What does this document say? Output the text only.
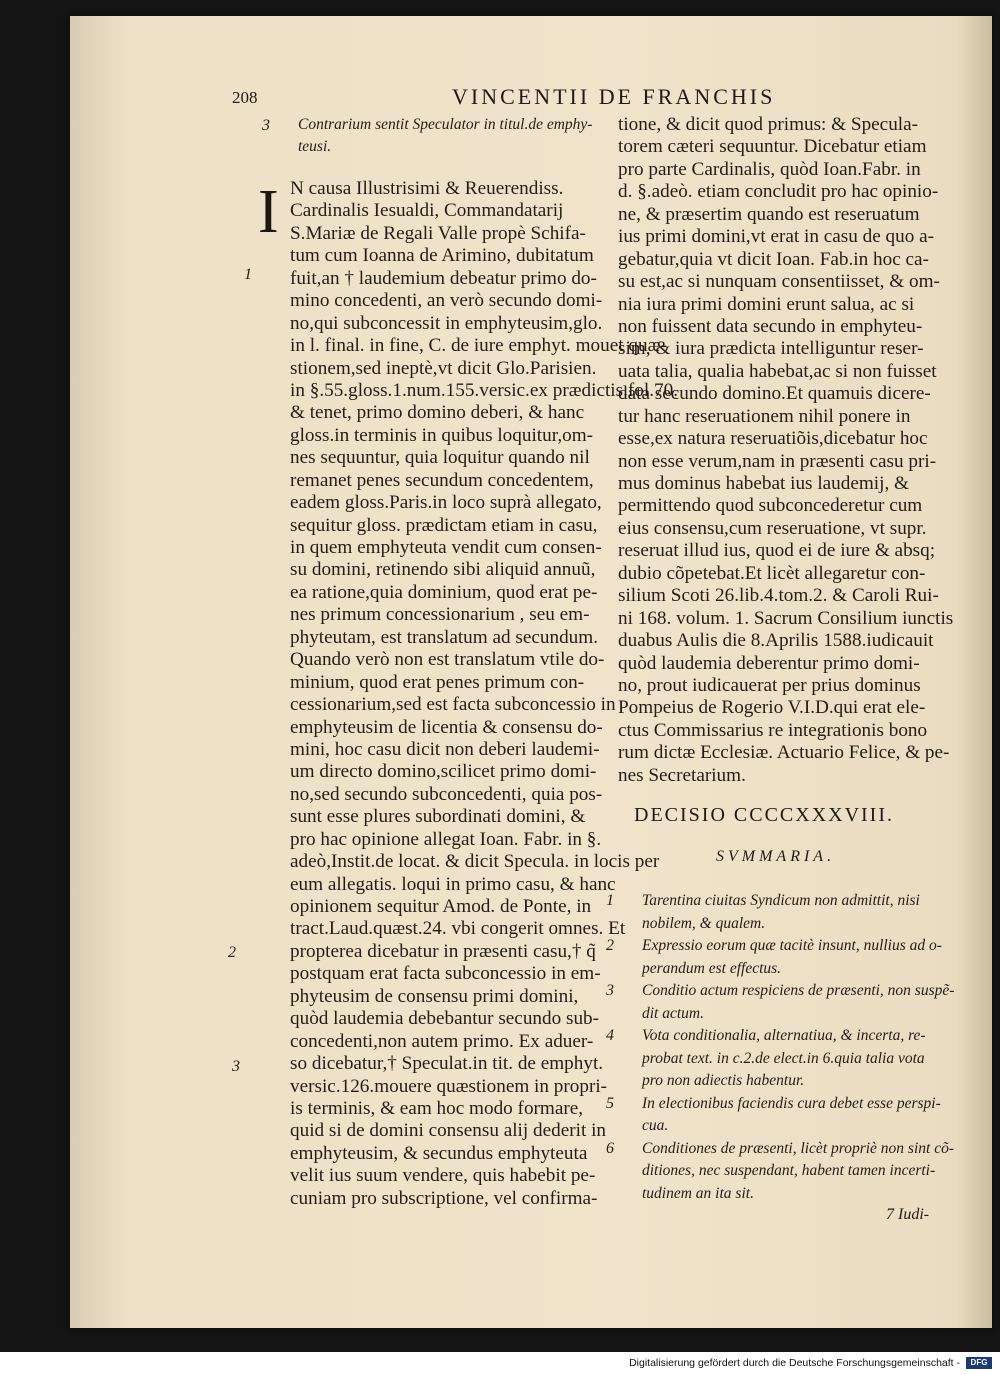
208	VINCENTII DE FRANCHIS
3 Contrarium sentit Speculator in titul.de emphy-
teusi.
I N causa Illustrisimi & Reuerendiss.
Cardinalis Iesualdi, Commandatarij
S.Mariæ de Regali Valle propè Schifa-
tum cum Ioanna de Arimino, dubitatum
fuit,an † laudemium debeatur primo do-
mino concedenti, an verò secundo domi-
no,qui subconcessit in emphyteusim,glo.
in l. final. in fine, C. de iure emphyt. mouet quæ-
stionem,sed ineptè,vt dicit Glo.Parisien.
in §.55.gloss.1.num.155.versic.ex prædictis.fol.70.
& tenet, primo domino deberi, & hanc
gloss.in terminis in quibus loquitur,om-
nes sequuntur, quia loquitur quando nil
remanet penes secundum concedentem,
eadem gloss.Paris.in loco suprà allegato,
sequitur gloss. prædictam etiam in casu,
in quem emphyteuta vendit cum consen-
su domini, retinendo sibi aliquid annuũ,
ea ratione,quia dominium, quod erat pe-
nes primum concessionarium , seu em-
phyteutam, est translatum ad secundum.
Quando verò non est translatum vtile do-
minium, quod erat penes primum con-
cessionarium,sed est facta subconcessio in
emphyteusim de licentia & consensu do-
mini, hoc casu dicit non deberi laudemi-
um directo domino,scilicet primo domi-
no,sed secundo subconcedenti, quia pos-
sunt esse plures subordinati domini, &
pro hac opinione allegat Ioan. Fabr. in §.
adeò,Instit.de locat. & dicit Specula. in locis per
eum allegatis. loqui in primo casu, & hanc
opinionem sequitur Amod. de Ponte, in
tract.Laud.quæst.24. vbi congerit omnes. Et
propterea dicebatur in præsenti casu,† q̃
postquam erat facta subconcessio in em-
phyteusim de consensu primi domini,
quòd laudemia debebantur secundo sub-
concedenti,non autem primo. Ex aduer-
so dicebatur,† Speculat.in tit. de emphyt.
versic.126.mouere quæstionem in propri-
is terminis, & eam hoc modo formare,
quid si de domini consensu alij dederit in
emphyteusim, & secundus emphyteuta
velit ius suum vendere, quis habebit pe-
cuniam pro subscriptione, vel confirma-
1
2
3
tione, & dicit quod primus: & Specula-
torem cæteri sequuntur. Dicebatur etiam
pro parte Cardinalis, quòd Ioan.Fabr. in
d. §.adeò. etiam concludit pro hac opinio-
ne, & præsertim quando est reseruatum
ius primi domini,vt erat in casu de quo a-
gebatur,quia vt dicit Ioan. Fab.in hoc ca-
su est,ac si nunquam consentiisset, & om-
nia iura primi domini erunt salua, ac si
non fuissent data secundo in emphyteu-
sim, & iura prædicta intelliguntur reser-
uata talia, qualia habebat,ac si non fuisset
data secundo domino.Et quamuis dicere-
tur hanc reseruationem nihil ponere in
esse,ex natura reseruatiõis,dicebatur hoc
non esse verum,nam in præsenti casu pri-
mus dominus habebat ius laudemij, &
permittendo quod subconcederetur cum
eius consensu,cum reseruatione, vt supr.
reseruat illud ius, quod ei de iure & absq;
dubio cõpetebat.Et licèt allegaretur con-
silium Scoti 26.lib.4.tom.2. & Caroli Rui-
ni 168. volum. 1. Sacrum Consilium iunctis
duabus Aulis die 8.Aprilis 1588.iudicauit
quòd laudemia deberentur primo domi-
no, prout iudicauerat per prius dominus
Pompeius de Rogerio V.I.D.qui erat ele-
ctus Commissarius re integrationis bono
rum dictæ Ecclesiæ. Actuario Felice, & pe-
nes Secretarium.
DECISIO CCCCXXXVIII.
SVMMARIA.
1 Tarentina ciuitas Syndicum non admittit, nisi
nobilem, & qualem.
2 Expressio eorum quæ tacitè insunt, nullius ad o-
perandum est effectus.
3 Conditio actum respiciens de præsenti, non suspẽ-
dit actum.
4 Vota conditionalia, alternatiua, & incerta, re-
probat text. in c.2.de elect.in 6.quia talia vota
pro non adiectis habentur.
5 In electionibus faciendis cura debet esse perspi-
cua.
6 Conditiones de præsenti, licèt propriè non sint cõ-
ditiones, nec suspendant, habent tamen incerti-
tudinem an ita sit.
7 Iudi-
Digitalisierung gefördert durch die Deutsche Forschungsgemeinschaft -	DFG
